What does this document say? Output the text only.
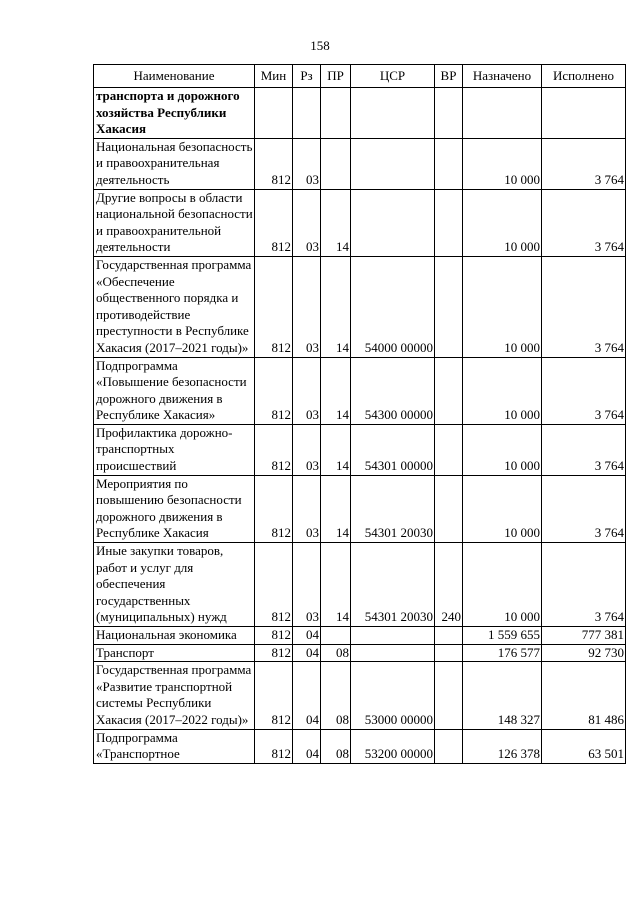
158
Наименование	Мин	Рз	ПР	ЦСР	ВР	Назначено	Исполнено
транспорта и дорожного хозяйства Республики Хакасия							
Национальная безопасность и правоохранительная деятельность	812	03				10 000	3 764
Другие вопросы в области национальной безопасности и правоохранительной деятельности	812	03	14			10 000	3 764
Государственная программа «Обеспечение общественного порядка и противодействие преступности в Республике Хакасия (2017–2021 годы)»	812	03	14	54000 00000		10 000	3 764
Подпрограмма «Повышение безопасности дорожного движения в Республике Хакасия»	812	03	14	54300 00000		10 000	3 764
Профилактика дорожно-транспортных происшествий	812	03	14	54301 00000		10 000	3 764
Мероприятия по повышению безопасности дорожного движения в Республике Хакасия	812	03	14	54301 20030		10 000	3 764
Иные закупки товаров, работ и услуг для обеспечения государственных (муниципальных) нужд	812	03	14	54301 20030	240	10 000	3 764
Национальная экономика	812	04				1 559 655	777 381
Транспорт	812	04	08			176 577	92 730
Государственная программа «Развитие транспортной системы Республики Хакасия (2017–2022 годы)»	812	04	08	53000 00000		148 327	81 486
Подпрограмма «Транспортное	812	04	08	53200 00000		126 378	63 501
